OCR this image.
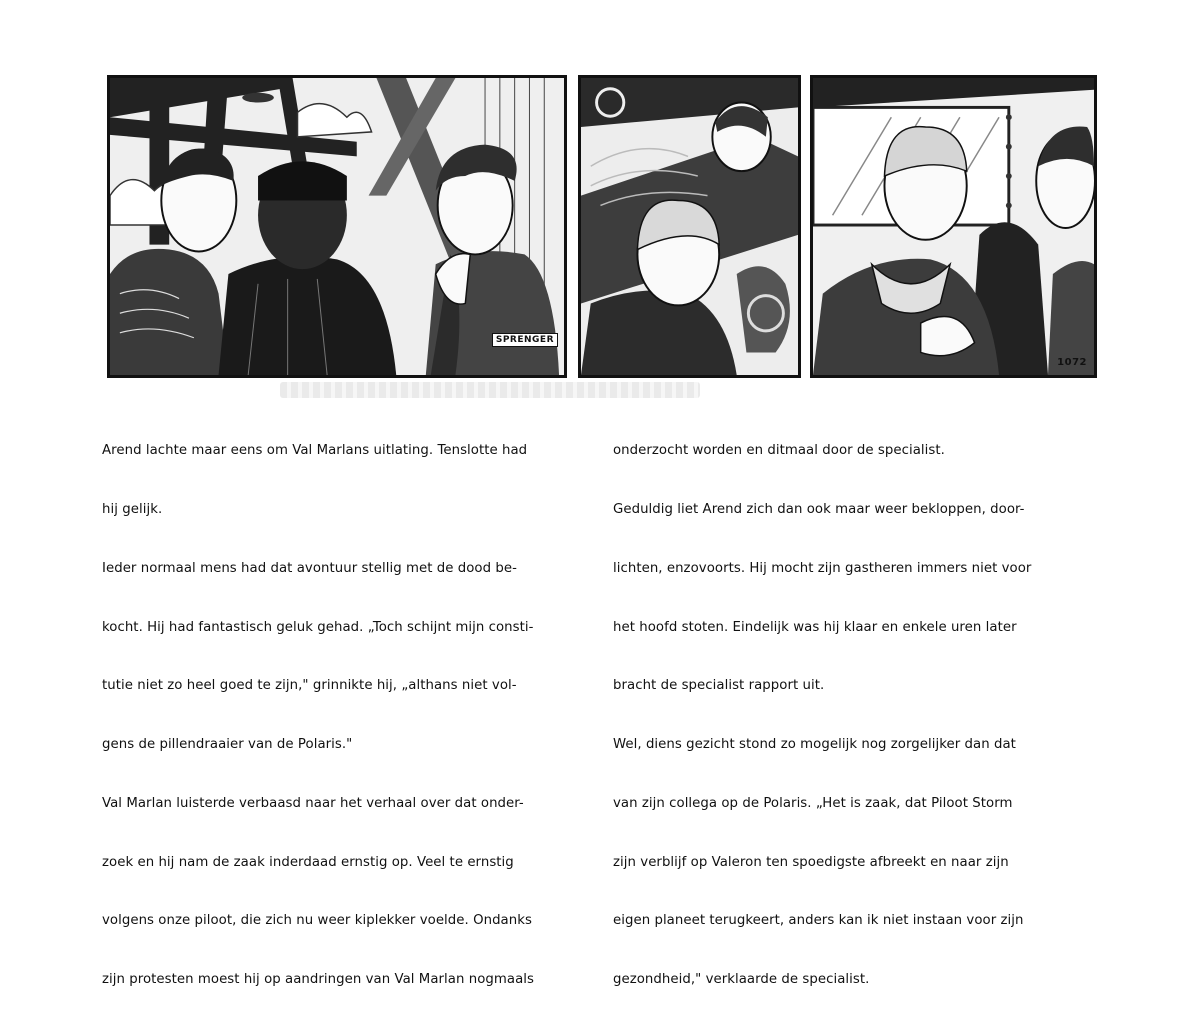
SPRENGER
1072

Arend lachte maar eens om Val Marlans uitlating. Tenslotte had

hij gelijk.

Ieder normaal mens had dat avontuur stellig met de dood be-

kocht. Hij had fantastisch geluk gehad. „Toch schijnt mijn consti-

tutie niet zo heel goed te zijn," grinnikte hij, „althans niet vol-

gens de pillendraaier van de Polaris."

Val Marlan luisterde verbaasd naar het verhaal over dat onder-

zoek en hij nam de zaak inderdaad ernstig op. Veel te ernstig

volgens onze piloot, die zich nu weer kiplekker voelde. Ondanks

zijn protesten moest hij op aandringen van Val Marlan nogmaals

onderzocht worden en ditmaal door de specialist.

Geduldig liet Arend zich dan ook maar weer bekloppen, door-

lichten, enzovoorts. Hij mocht zijn gastheren immers niet voor

het hoofd stoten. Eindelijk was hij klaar en enkele uren later

bracht de specialist rapport uit.

Wel, diens gezicht stond zo mogelijk nog zorgelijker dan dat

van zijn collega op de Polaris. „Het is zaak, dat Piloot Storm

zijn verblijf op Valeron ten spoedigste afbreekt en naar zijn

eigen planeet terugkeert, anders kan ik niet instaan voor zijn

gezondheid," verklaarde de specialist.
